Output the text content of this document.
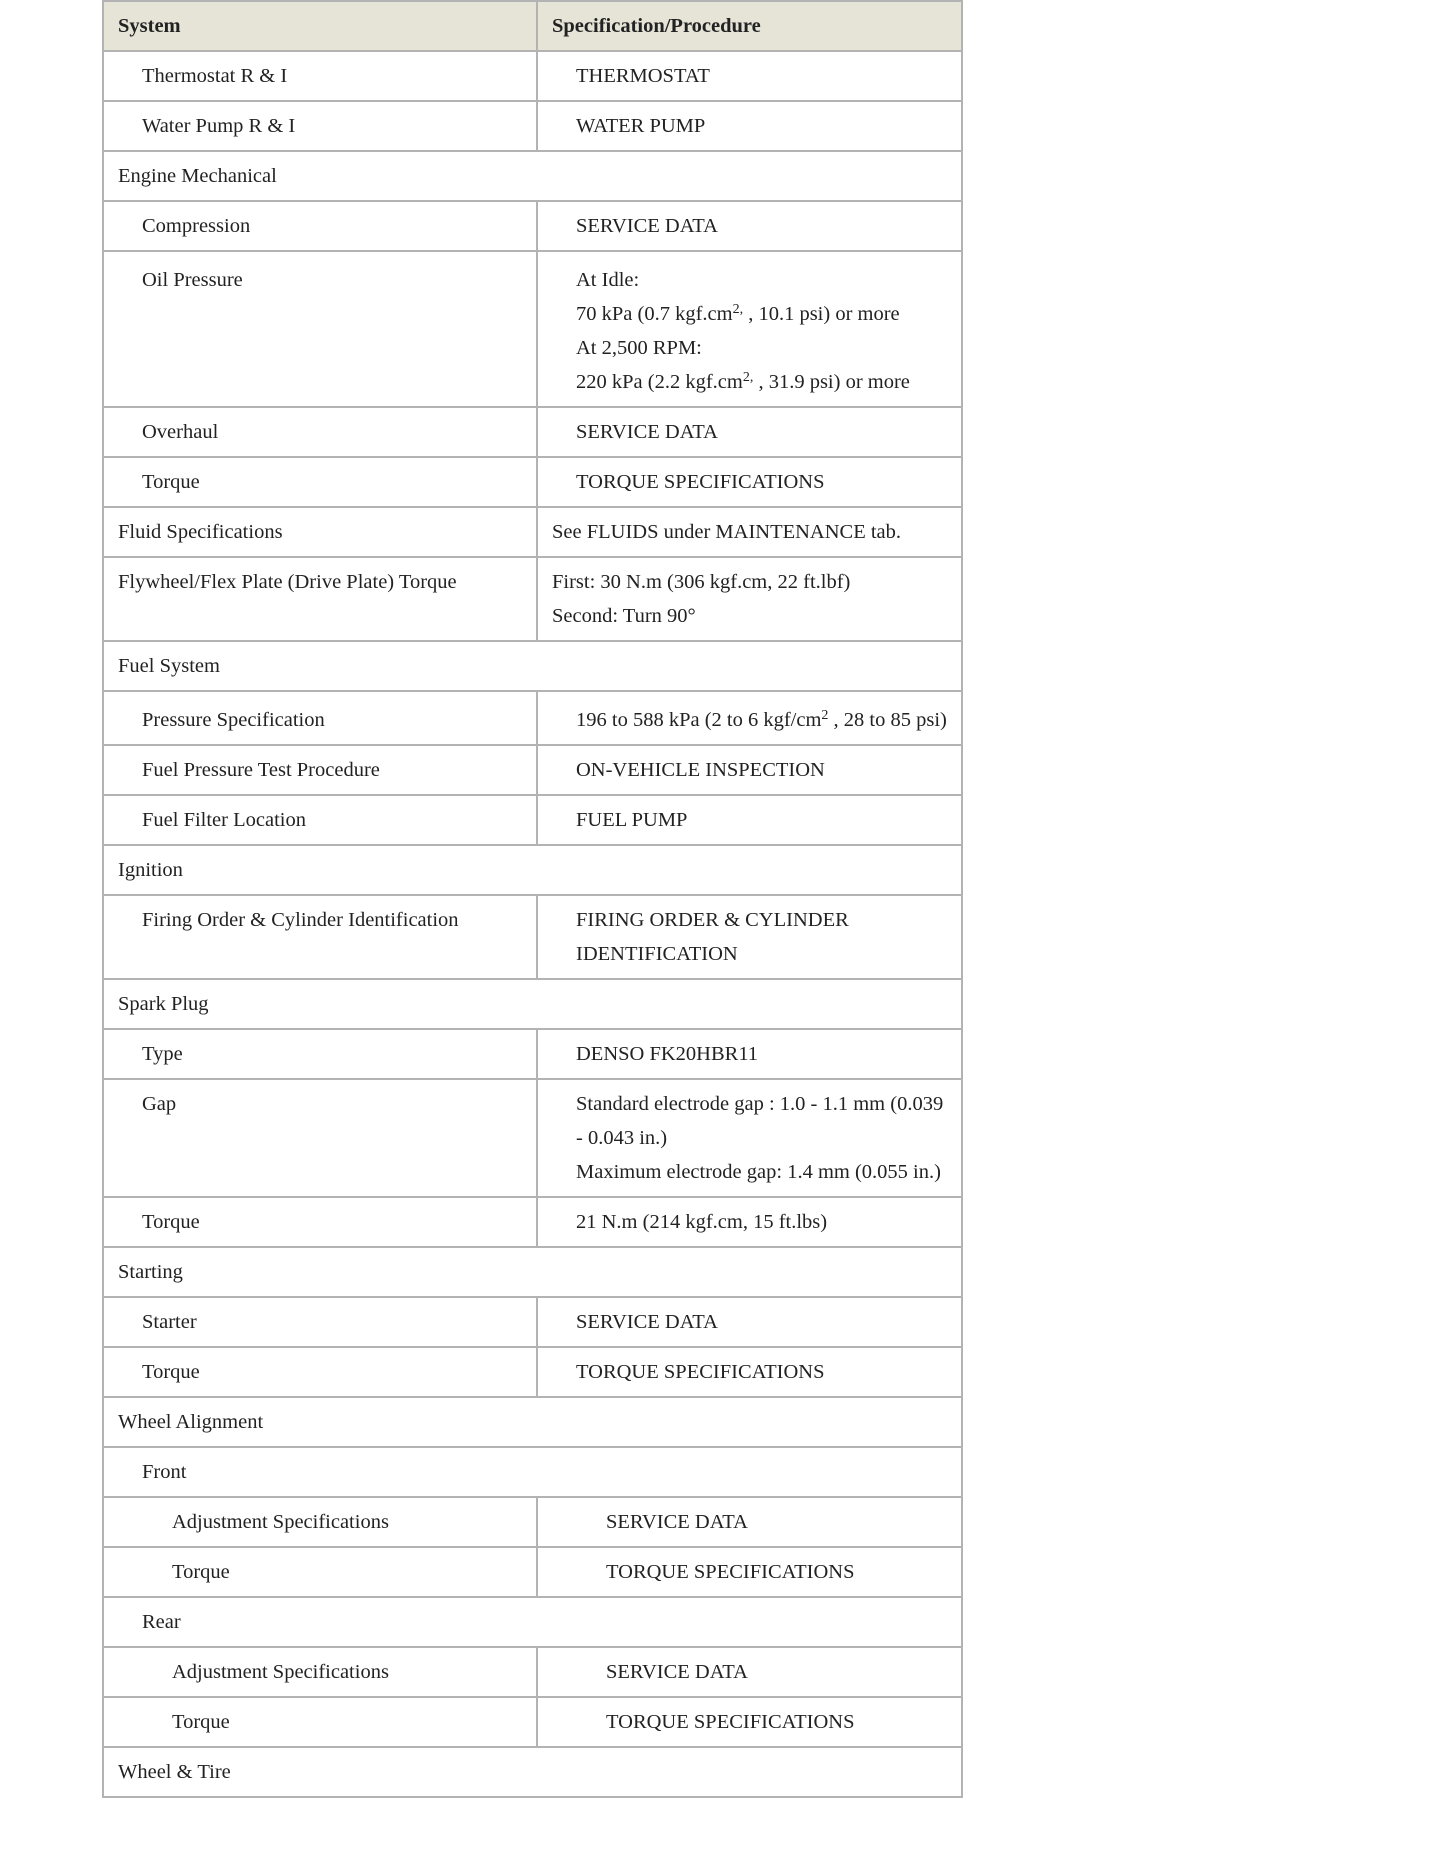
System	Specification/Procedure
Thermostat R & I	THERMOSTAT
Water Pump R & I	WATER PUMP
Engine Mechanical	
Compression	SERVICE DATA
Oil Pressure	At Idle:
70 kPa (0.7 $kgf.cm^{2,}$ , 10.1 psi) or more
At 2,500 RPM:
220 kPa (2.2 $kgf.cm^{2,}$ , 31.9 psi) or more

Overhaul	SERVICE DATA
Torque	TORQUE SPECIFICATIONS
Fluid Specifications	See FLUIDS under MAINTENANCE tab.
Flywheel/Flex Plate (Drive Plate) Torque	First: 30 N.m (306 kgf.cm, 22 ft.lbf)
Second: Turn 90°

Fuel System	
Pressure Specification	196 to 588 kPa (2 to 6 kgf/$cm^2$ , 28 to 85 psi)
Fuel Pressure Test Procedure	ON-VEHICLE INSPECTION
Fuel Filter Location	FUEL PUMP
Ignition	
Firing Order & Cylinder Identification	FIRING ORDER & CYLINDER IDENTIFICATION
Spark Plug	
Type	DENSO FK20HBR11
Gap	Standard electrode gap : 1.0 - 1.1 mm (0.039 - 0.043 in.)
Maximum electrode gap: 1.4 mm (0.055 in.)

Torque	21 N.m (214 kgf.cm, 15 ft.lbs)
Starting	
Starter	SERVICE DATA
Torque	TORQUE SPECIFICATIONS
Wheel Alignment	
Front	
Adjustment Specifications	SERVICE DATA
Torque	TORQUE SPECIFICATIONS
Rear	
Adjustment Specifications	SERVICE DATA
Torque	TORQUE SPECIFICATIONS
Wheel & Tire	
